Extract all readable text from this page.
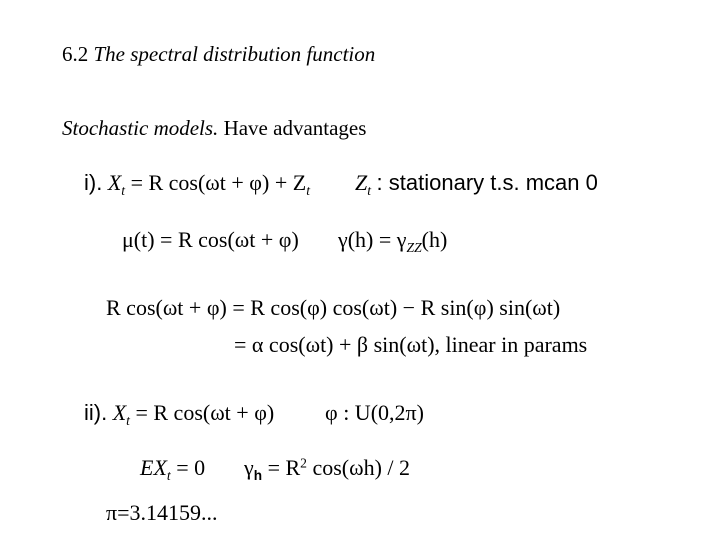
6.2 The spectral distribution function
Stochastic models. Have advantages
i). $X_t = R$ $\cos(\omega t + \varphi) + Z_t$ $Z_t$ : stationary t.s. mcan 0
μ(t) = R cos(ωt + φ) $\gamma(h) = \gamma_{ZZ}(h)$
R cos(ωt + φ) = R cos(φ) cos(ωt) − R sin(φ) sin(ωt)
= α cos(ωt) + β sin(ωt), linear in params
ii). $X_t = R$ cos(ωt + φ) φ : U(0,2π)
$EX_t = 0$ $\gamma_h = R^2$ cos(ωh) / 2
π=3.14159...
